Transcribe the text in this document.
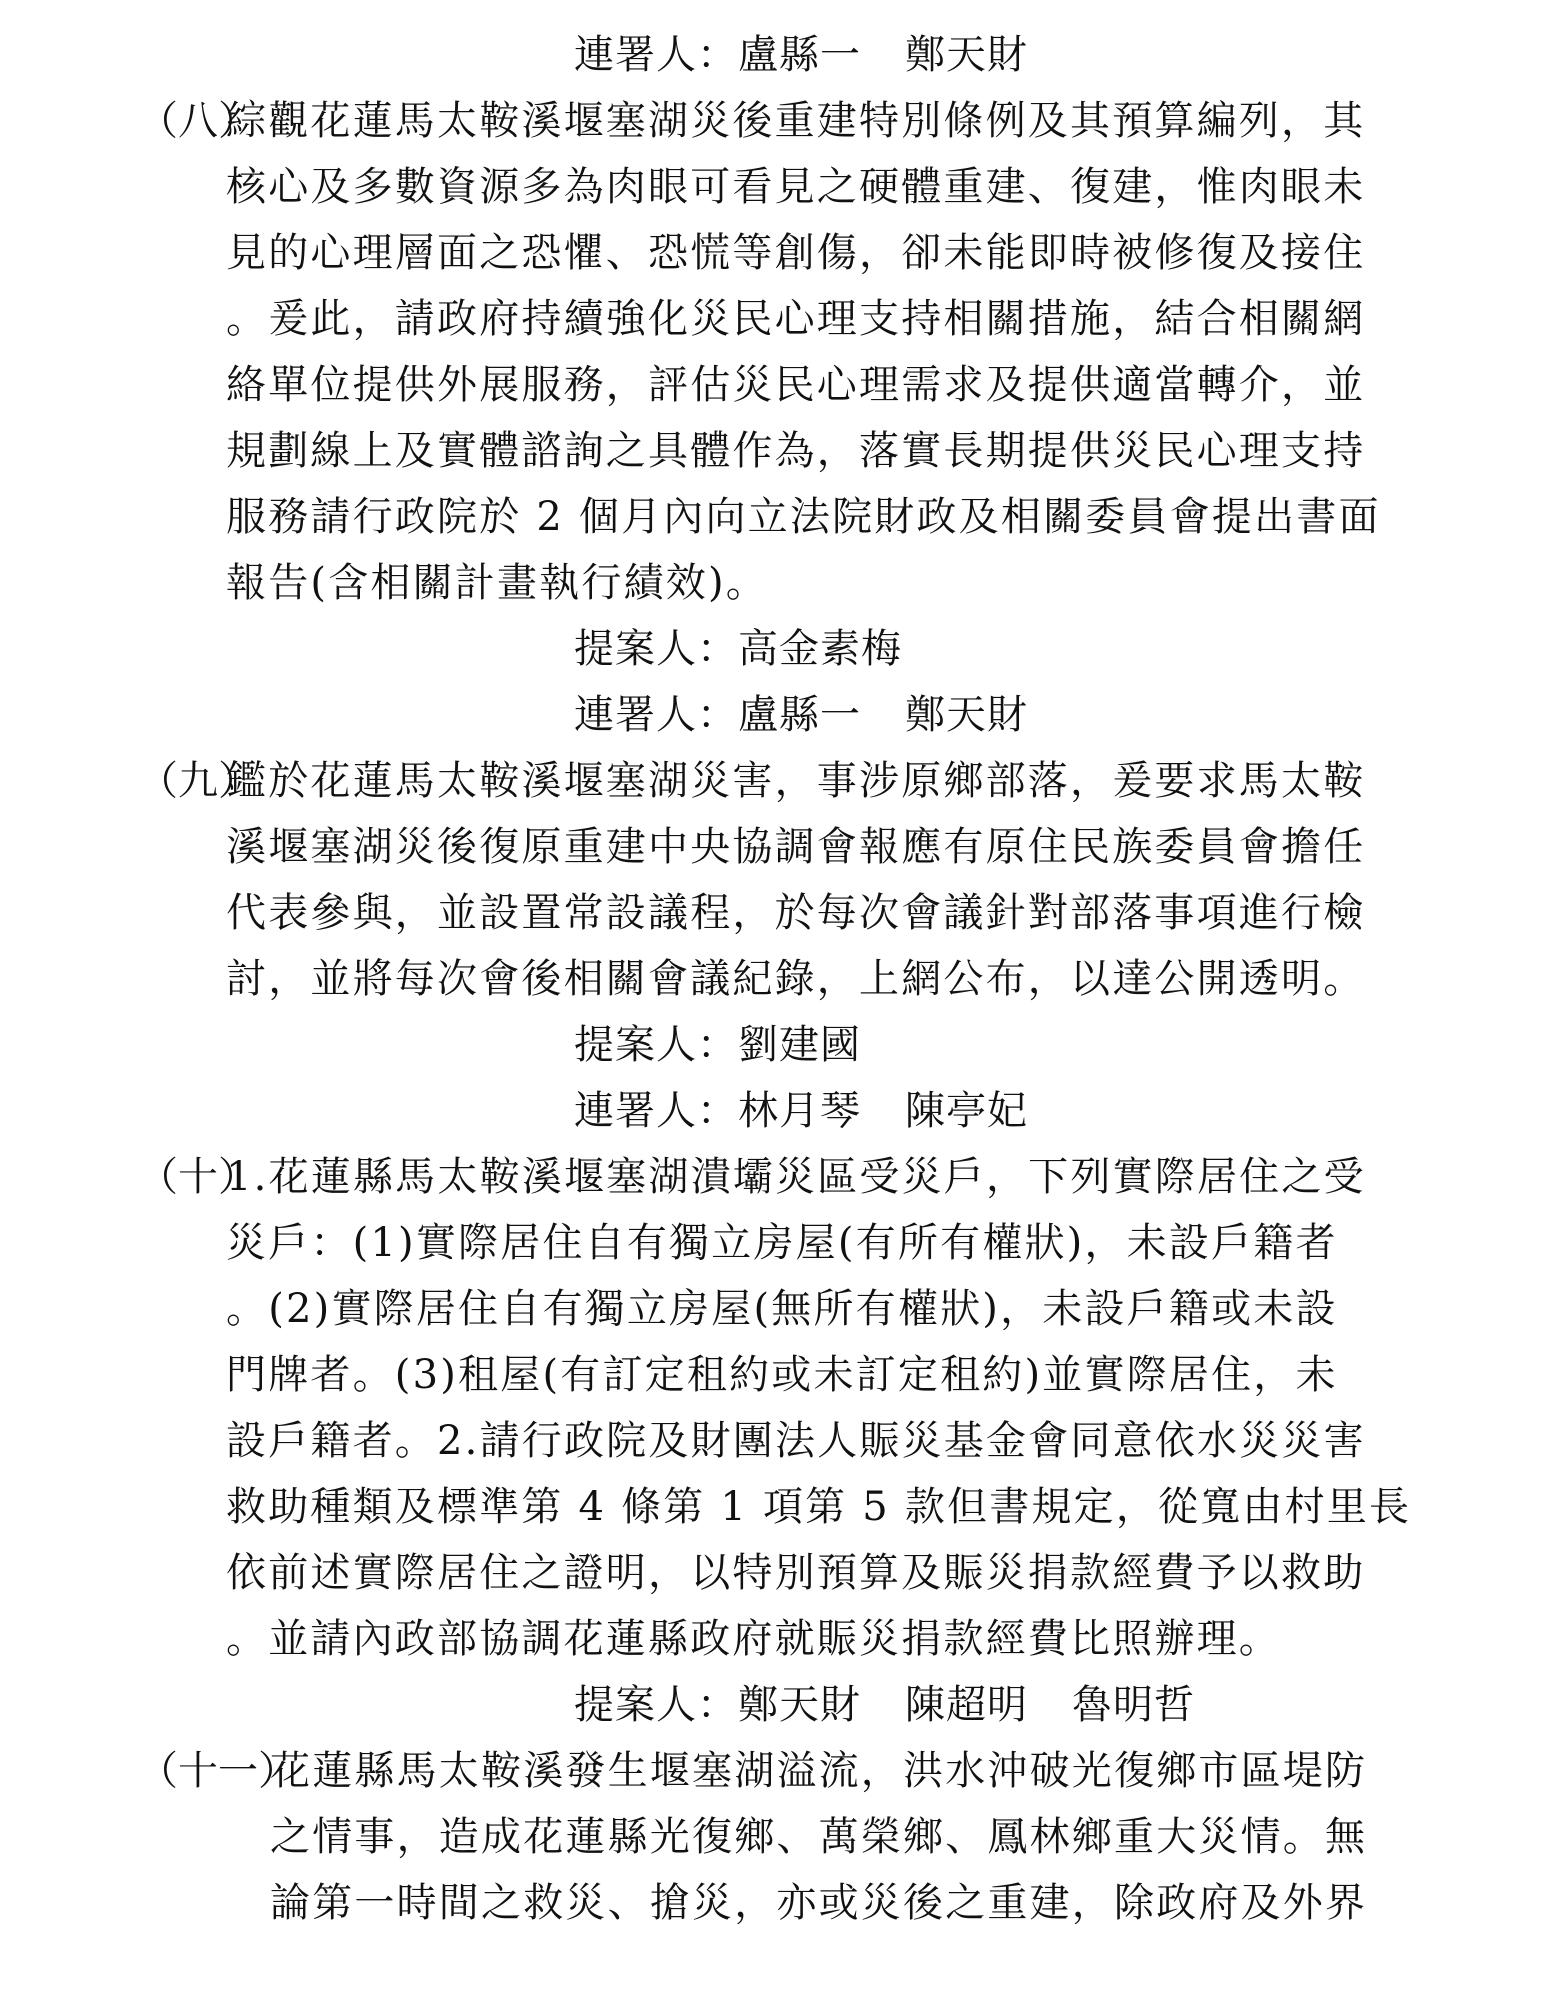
連署人：盧縣一 鄭天財
（八）
綜觀花蓮馬太鞍溪堰塞湖災後重建特別條例及其預算編列，其
核心及多數資源多為肉眼可看見之硬體重建、復建，惟肉眼未
見的心理層面之恐懼、恐慌等創傷，卻未能即時被修復及接住
。爰此，請政府持續強化災民心理支持相關措施，結合相關網
絡單位提供外展服務，評估災民心理需求及提供適當轉介，並
規劃線上及實體諮詢之具體作為，落實長期提供災民心理支持
服務請行政院於 2 個月內向立法院財政及相關委員會提出書面
報告(含相關計畫執行績效)。
提案人：高金素梅
連署人：盧縣一 鄭天財
（九）
鑑於花蓮馬太鞍溪堰塞湖災害，事涉原鄉部落，爰要求馬太鞍
溪堰塞湖災後復原重建中央協調會報應有原住民族委員會擔任
代表參與，並設置常設議程，於每次會議針對部落事項進行檢
討，並將每次會後相關會議紀錄，上網公布，以達公開透明。
提案人：劉建國
連署人：林月琴 陳亭妃
（十）
1.花蓮縣馬太鞍溪堰塞湖潰壩災區受災戶，下列實際居住之受
災戶：(1)實際居住自有獨立房屋(有所有權狀)，未設戶籍者
。(2)實際居住自有獨立房屋(無所有權狀)，未設戶籍或未設
門牌者。(3)租屋(有訂定租約或未訂定租約)並實際居住，未
設戶籍者。2.請行政院及財團法人賑災基金會同意依水災災害
救助種類及標準第 4 條第 1 項第 5 款但書規定，從寬由村里長
依前述實際居住之證明，以特別預算及賑災捐款經費予以救助
。並請內政部協調花蓮縣政府就賑災捐款經費比照辦理。
提案人：鄭天財 陳超明 魯明哲
（十一）
花蓮縣馬太鞍溪發生堰塞湖溢流，洪水沖破光復鄉市區堤防
之情事，造成花蓮縣光復鄉、萬榮鄉、鳳林鄉重大災情。無
論第一時間之救災、搶災，亦或災後之重建，除政府及外界
